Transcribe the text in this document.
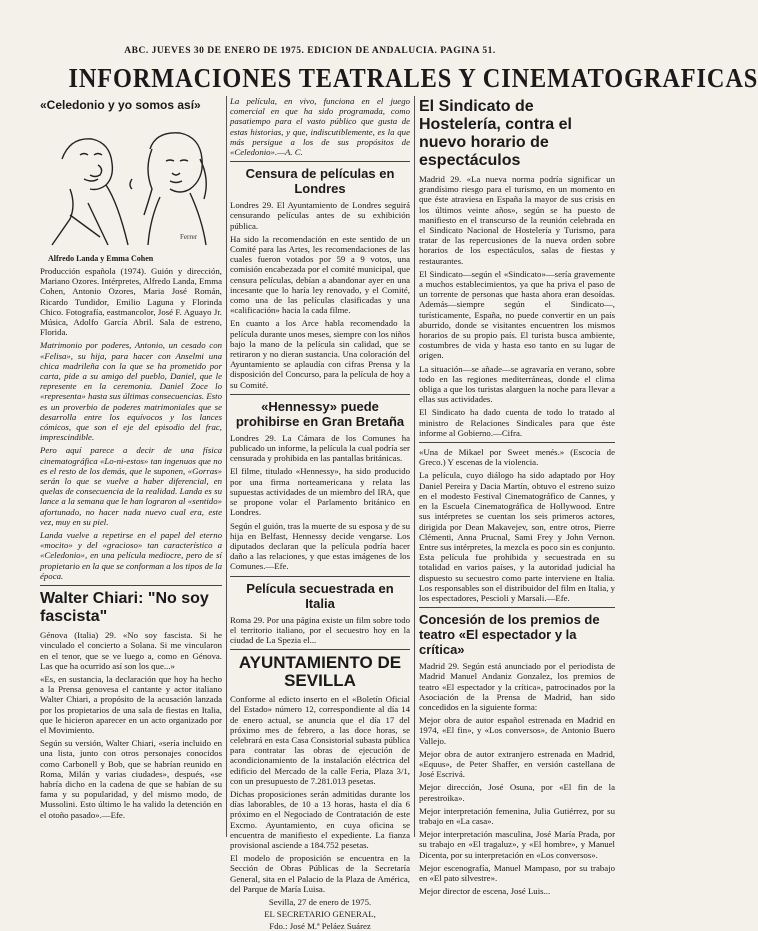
ABC. JUEVES 30 DE ENERO DE 1975. EDICION DE ANDALUCIA. PAGINA 51.
INFORMACIONES TEATRALES Y CINEMATOGRAFICAS
«Celedonio y yo somos así»
Ferrer
Alfredo Landa y Emma Cohen

Producción española (1974). Guión y dirección, Mariano Ozores. Intérpretes, Alfredo Landa, Emma Cohen, Antonio Ozores, Maria José Román, Ricardo Tundidor, Emilio Laguna y Florinda Chico. Fotografía, eastmancolor, José F. Aguayo Jr. Música, Adolfo García Abril. Sala de estreno, Florida.

Matrimonio por poderes, Antonio, un cesado con «Felisa», su hija, para hacer con Anselmi una chica madrileña con la que se ha prometido por carta, pide a su amigo del pueblo, Daniel, que le represente en la ceremonia. Daniel Zoce lo «representa» hasta sus últimas consecuencias. Esto es un proverbio de poderes matrimoniales que se desarrolla entre los equívocos y los lances cómicos, que son el eje del episodio del frac, imprescindible.

Pero aquí parece a decir de una física cinematográfica «Lo-ni-estos» tan ingenuos que no es el resto de los demás, que le suponen, «Gorras» serán lo que se vuelve a haber diferencial, en quelas de consecuencia de la realidad. Landa es su lance a la semana que le han lograron al «sentido» afortunado, no hacer nada nuevo cual era, este vez, muy en su piel.

Landa vuelve a repetirse en el papel del eterno «mocito» y del «gracioso» tan característico a «Celedonio», en una película mediocre, pero de sí propietario en la que se conforman a los tipos de la época.

Walter Chiari: "No soy fascista"

Génova (Italia) 29. «No soy fascista. Si he vinculado el concierto a Solana. Si me vincularon en el tenor, que se ve luego a, como en Génova. Las que ha ocurrido así son los que...»

«Es, en sustancia, la declaración que hoy ha hecho a la Prensa genovesa el cantante y actor italiano Walter Chiari, a propósito de la acusación lanzada por los propietarios de una sala de fiestas en Italia, que le hicieron aparecer en un acto organizado por el Movimiento.

Según su versión, Walter Chiari, «sería incluido en una lista, junto con otros personajes conocidos como Carbonell y Bob, que se habrían reunido en Roma, Milán y varias ciudades», después, «se habría dicho en la cadena de que se habían de su fama y su popularidad, y del mismo modo, de Mussolini. Esto último le ha valido la detención en el otoño pasado».—Efe.

La película, en vivo, funciona en el juego comercial en que ha sido programada, como pasatiempo para el vasto público que gusta de estas historias, y que, indiscutiblemente, es la que más persigue a los de sus propósitos de «Celedonio».—A. C.

Censura de películas en Londres

Londres 29. El Ayuntamiento de Londres seguirá censurando películas antes de su exhibición pública.

Ha sido la recomendación en este sentido de un Comité para las Artes, les recomendaciones de las cuales fueron votados por 59 a 9 votos, una comisión encabezada por el comité municipal, que censura películas, debían a abandonar ayer en una incesante que lo haría ley renovado, y el Comité, como una de las películas clasificadas y una «calificación» hacia la cada filme.

En cuanto a los Arce habla recomendado la película durante unos meses, siempre con los niños bajo la mano de la película sin calidad, que se retiraron y no dieran sustancia. Una coloración del Ayuntamiento se aplaudía con cifras Prensa y la disposición del Concurso, para la película de hoy a su Comité.

«Hennessy» puede prohibirse en Gran Bretaña

Londres 29. La Cámara de los Comunes ha publicado un informe, la película la cual podría ser censurada y prohibida en las pantallas británicas.

El filme, titulado «Hennessy», ha sido producido por una firma norteamericana y relata las supuestas actividades de un miembro del IRA, que se propone volar el Parlamento británico en Londres.

Según el guión, tras la muerte de su esposa y de su hija en Belfast, Hennessy decide vengarse. Los diputados declaran que la película podría hacer daño a las relaciones, y que estas imágenes de los Comunes.—Efe.

Película secuestrada en Italia

Roma 29. Por una página existe un film sobre todo el territorio italiano, por el secuestro hoy en la ciudad de La Spezia el...

AYUNTAMIENTO DE SEVILLA

Conforme al edicto inserto en el «Boletín Oficial del Estado» número 12, correspondiente al día 14 de enero actual, se anuncia que el día 17 del próximo mes de febrero, a las doce horas, se celebrará en esta Casa Consistorial subasta pública para contratar las obras de ejecución de acondicionamiento de la instalación eléctrica del edificio del Mercado de la calle Feria, Plaza 3/1, con un presupuesto de 7.281.013 pesetas.

Dichas proposiciones serán admitidas durante los días laborables, de 10 a 13 horas, hasta el día 6 próximo en el Negociado de Contratación de este Excmo. Ayuntamiento, en cuya oficina se encuentra de manifiesto el expediente. La fianza provisional asciende a 184.752 pesetas.

El modelo de proposición se encuentra en la Sección de Obras Públicas de la Secretaría General, sita en el Palacio de la Plaza de América, del Parque de María Luisa.

Sevilla, 27 de enero de 1975.
EL SECRETARIO GENERAL,
Fdo.: José M.ª Peláez Suárez
El Sindicato de Hostelería, contra el nuevo horario de espectáculos

Madrid 29. «La nueva norma podría significar un grandísimo riesgo para el turismo, en un momento en que éste atraviesa en España la mayor de sus crisis en los últimos veinte años», según se ha puesto de manifiesto en el transcurso de la reunión celebrada en el Sindicato Nacional de Hostelería y Turismo, para tratar de las repercusiones de la nueva orden sobre horarios de los espectáculos, salas de fiestas y restaurantes.

El Sindicato—según el «Sindicato»—sería gravemente a muchos establecimientos, ya que ha priva el paso de un torrente de personas que hasta ahora eran desoídas. Además—siempre según el Sindicato—, turísticamente, España, no puede convertir en un país aburrido, donde se visitantes encuentren los mismos horarios de su propio país. El turista busca ambiente, costumbres de vida y hasta eso tanto en su lugar de origen.

La situación—se añade—se agravaría en verano, sobre todo en las regiones mediterráneas, donde el clima obliga a que los turistas alarguen la noche para llevar a ellas sus actividades.

El Sindicato ha dado cuenta de todo lo tratado al ministro de Relaciones Sindicales para que éste informe al Gobierno.—Cifra.

«Una de Mikael por Sweet menés.» (Escocia de Greco.) Y escenas de la violencia.

La película, cuyo diálogo ha sido adaptado por Hoy Daniel Pereira y Dacia Martín, obtuvo el estreno suizo en el modesto Festival Cinematográfico de Cannes, y en la Escuela Cinematográfica de Hollywood. Entre sus intérpretes se cuentan los seis primeros actores, dirigida por Dean Makavejev, son, entre otros, Pierre Clémenti, Anna Prucnal, Sami Frey y John Vernon. Entre sus intérpretes, la mezcla es poco sin es conjunto. Esta película fue prohibida y secuestrada en su totalidad en varios países, y la autoridad judicial ha dispuesto su secuestro como parte interviene en Italia. Los responsables son el distribuidor del film en Italia, y los espectadores, Pescioli y Marsali.—Efe.

Concesión de los premios de teatro «El espectador y la crítica»

Madrid 29. Según está anunciado por el periodista de Madrid Manuel Andaniz Gonzalez, los premios de teatro «El espectador y la crítica», patrocinados por la Asociación de la Prensa de Madrid, han sido concedidos en la siguiente forma:

Mejor obra de autor español estrenada en Madrid en 1974, «El fin», y «Los conversos», de Antonio Buero Vallejo.

Mejor obra de autor extranjero estrenada en Madrid, «Equus», de Peter Shaffer, en versión castellana de José Escrivá.

Mejor dirección, José Osuna, por «El fin de la perestroika».

Mejor interpretación femenina, Julia Gutiérrez, por su trabajo en «La casa».

Mejor interpretación masculina, José María Prada, por su trabajo en «El tragaluz», y «El hombre», y Manuel Dicenta, por su interpretación en «Los conversos».

Mejor escenografía, Manuel Mampaso, por su trabajo en «El pato silvestre».

Mejor director de escena, José Luis...
